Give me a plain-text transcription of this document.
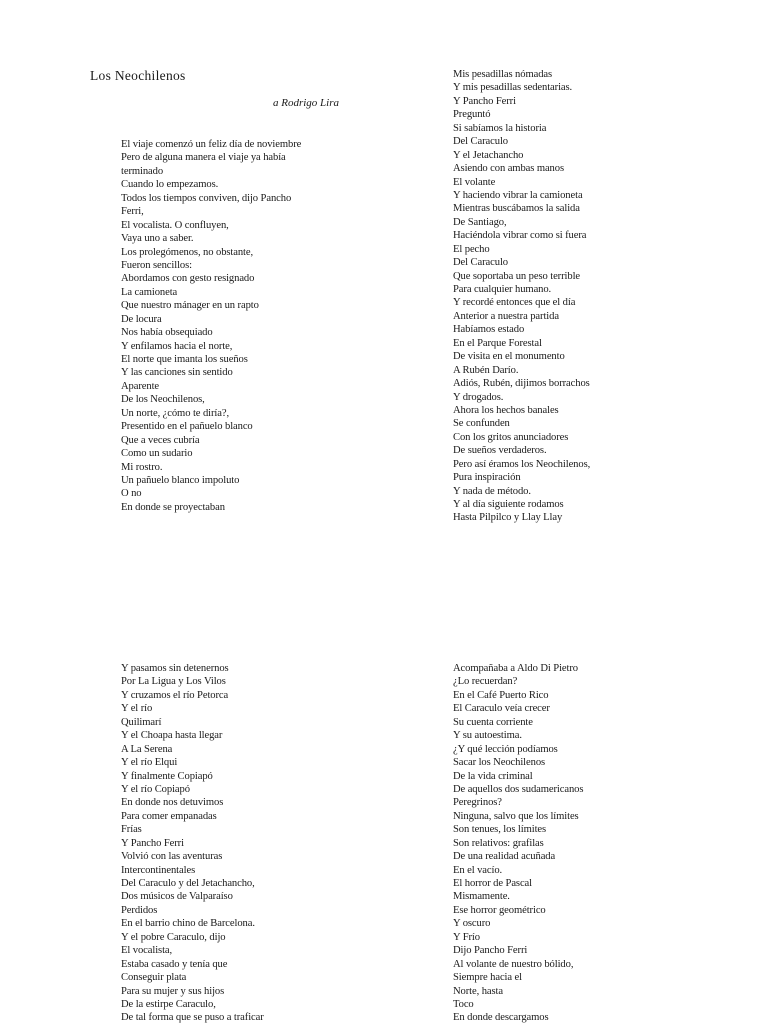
Los Neochilenos
a Rodrigo Lira
El viaje comenzó un feliz día de noviembre
Pero de alguna manera el viaje ya había
terminado
Cuando lo empezamos.
Todos los tiempos conviven, dijo Pancho
Ferri,
El vocalista. O confluyen,
Vaya uno a saber.
Los prolegómenos, no obstante,
Fueron sencillos:
Abordamos con gesto resignado
La camioneta
Que nuestro mánager en un rapto
De locura
Nos había obsequiado
Y enfilamos hacia el norte,
El norte que imanta los sueños
Y las canciones sin sentido
Aparente
De los Neochilenos,
Un norte, ¿cómo te diría?,
Presentido en el pañuelo blanco
Que a veces cubría
Como un sudario
Mi rostro.
Un pañuelo blanco impoluto
O no
En donde se proyectaban
Mis pesadillas nómadas
Y mis pesadillas sedentarias.
Y Pancho Ferri
Preguntó
Si sabíamos la historia
Del Caraculo
Y el Jetachancho
Asiendo con ambas manos
El volante
Y haciendo vibrar la camioneta
Mientras buscábamos la salida
De Santiago,
Haciéndola vibrar como si fuera
El pecho
Del Caraculo
Que soportaba un peso terrible
Para cualquier humano.
Y recordé entonces que el día
Anterior a nuestra partida
Habíamos estado
En el Parque Forestal
De visita en el monumento
A Rubén Darío.
Adiós, Rubén, dijimos borrachos
Y drogados.
Ahora los hechos banales
Se confunden
Con los gritos anunciadores
De sueños verdaderos.
Pero así éramos los Neochilenos,
Pura inspiración
Y nada de método.
Y al día siguiente rodamos
Hasta Pilpilco y Llay Llay
Y pasamos sin detenernos
Por La Ligua y Los Vilos
Y cruzamos el río Petorca
Y el río
Quilimarí
Y el Choapa hasta llegar
A La Serena
Y el río Elqui
Y finalmente Copiapó
Y el río Copiapó
En donde nos detuvimos
Para comer empanadas
Frías
Y Pancho Ferri
Volvió con las aventuras
Intercontinentales
Del Caraculo y del Jetachancho,
Dos músicos de Valparaíso
Perdidos
En el barrio chino de Barcelona.
Y el pobre Caraculo, dijo
El vocalista,
Estaba casado y tenía que
Conseguir plata
Para su mujer y sus hijos
De la estirpe Caraculo,
De tal forma que se puso a traficar
Acompañaba a Aldo Di Pietro
¿Lo recuerdan?
En el Café Puerto Rico
El Caraculo veía crecer
Su cuenta corriente
Y su autoestima.
¿Y qué lección podíamos
Sacar los Neochilenos
De la vida criminal
De aquellos dos sudamericanos
Peregrinos?
Ninguna, salvo que los límites
Son tenues, los límites
Son relativos: grafilas
De una realidad acuñada
En el vacío.
El horror de Pascal
Mismamente.
Ese horror geométrico
Y oscuro
Y Frío
Dijo Pancho Ferri
Al volante de nuestro bólido,
Siempre hacia el
Norte, hasta
Toco
En donde descargamos
